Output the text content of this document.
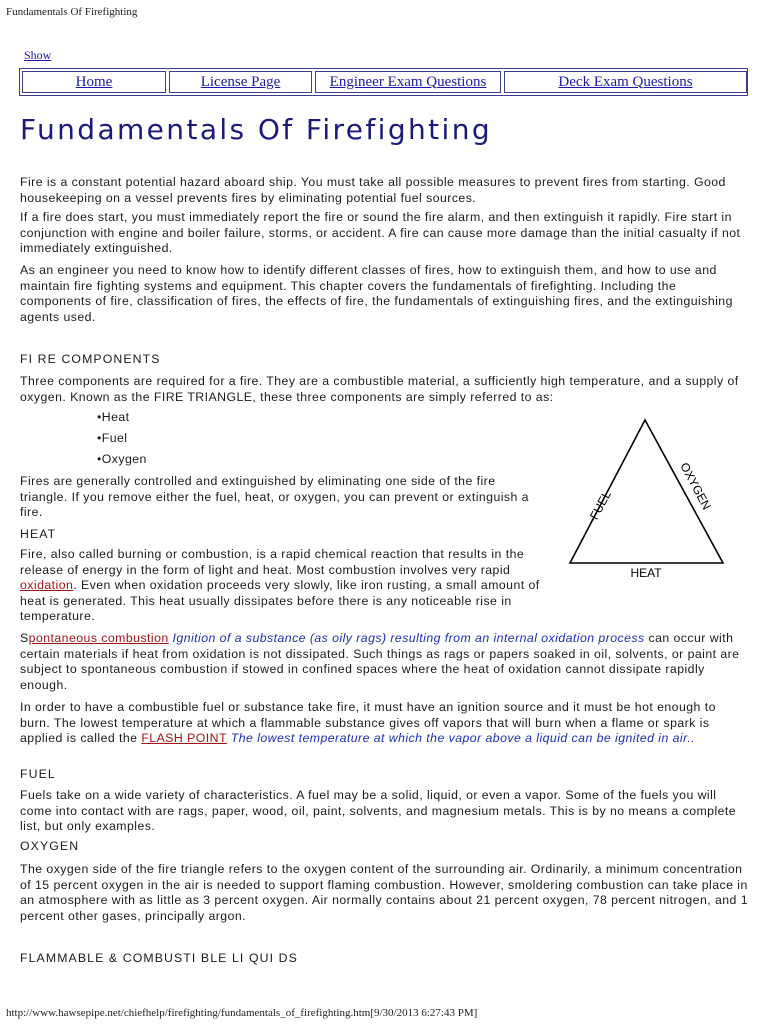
Fundamentals Of Firefighting
Show
Home	License Page	Engineer Exam Questions	Deck Exam Questions
Fundamentals Of Firefighting

Fire is a constant potential hazard aboard ship. You must take all possible measures to prevent fires from starting. Good housekeeping on a vessel prevents fires by eliminating potential fuel sources.

If a fire does start, you must immediately report the fire or sound the fire alarm, and then extinguish it rapidly. Fire start in conjunction with engine and boiler failure, storms, or accident. A fire can cause more damage than the initial casualty if not immediately extinguished.

As an engineer you need to know how to identify different classes of fires, how to extinguish them, and how to use and maintain fire fighting systems and equipment. This chapter covers the fundamentals of firefighting. Including the components of fire, classification of fires, the effects of fire, the fundamentals of extinguishing fires, and the extinguishing agents used.

FI RE COMPONENTS

Three components are required for a fire. They are a combustible material, a sufficiently high temperature, and a supply of oxygen. Known as the FIRE TRIANGLE, these three components are simply referred to as:

•Heat

•Fuel

•Oxygen

Fires are generally controlled and extinguished by eliminating one side of the fire triangle. If you remove either the fuel, heat, or oxygen, you can prevent or extinguish a fire.	FUEL	OXYGEN
HEAT

HEAT

Fire, also called burning or combustion, is a rapid chemical reaction that results in the release of energy in the form of light and heat. Most combustion involves very rapid oxidation. Even when oxidation proceeds very slowly, like iron rusting, a small amount of heat is generated. This heat usually dissipates before there is any noticeable rise in temperature.

Spontaneous combustion Ignition of a substance (as oily rags) resulting from an internal oxidation process can occur with certain materials if heat from oxidation is not dissipated. Such things as rags or papers soaked in oil, solvents, or paint are subject to spontaneous combustion if stowed in confined spaces where the heat of oxidation cannot dissipate rapidly enough.

In order to have a combustible fuel or substance take fire, it must have an ignition source and it must be hot enough to burn. The lowest temperature at which a flammable substance gives off vapors that will burn when a flame or spark is applied is called the FLASH POINT The lowest temperature at which the vapor above a liquid can be ignited in air..

FUEL

Fuels take on a wide variety of characteristics. A fuel may be a solid, liquid, or even a vapor. Some of the fuels you will come into contact with are rags, paper, wood, oil, paint, solvents, and magnesium metals. This is by no means a complete list, but only examples.

OXYGEN

The oxygen side of the fire triangle refers to the oxygen content of the surrounding air. Ordinarily, a minimum concentration of 15 percent oxygen in the air is needed to support flaming combustion. However, smoldering combustion can take place in an atmosphere with as little as 3 percent oxygen. Air normally contains about 21 percent oxygen, 78 percent nitrogen, and 1 percent other gases, principally argon.

FLAMMABLE & COMBUSTI BLE LI QUI DS

http://www.hawsepipe.net/chiefhelp/firefighting/fundamentals_of_firefighting.htm[9/30/2013 6:27:43 PM]
